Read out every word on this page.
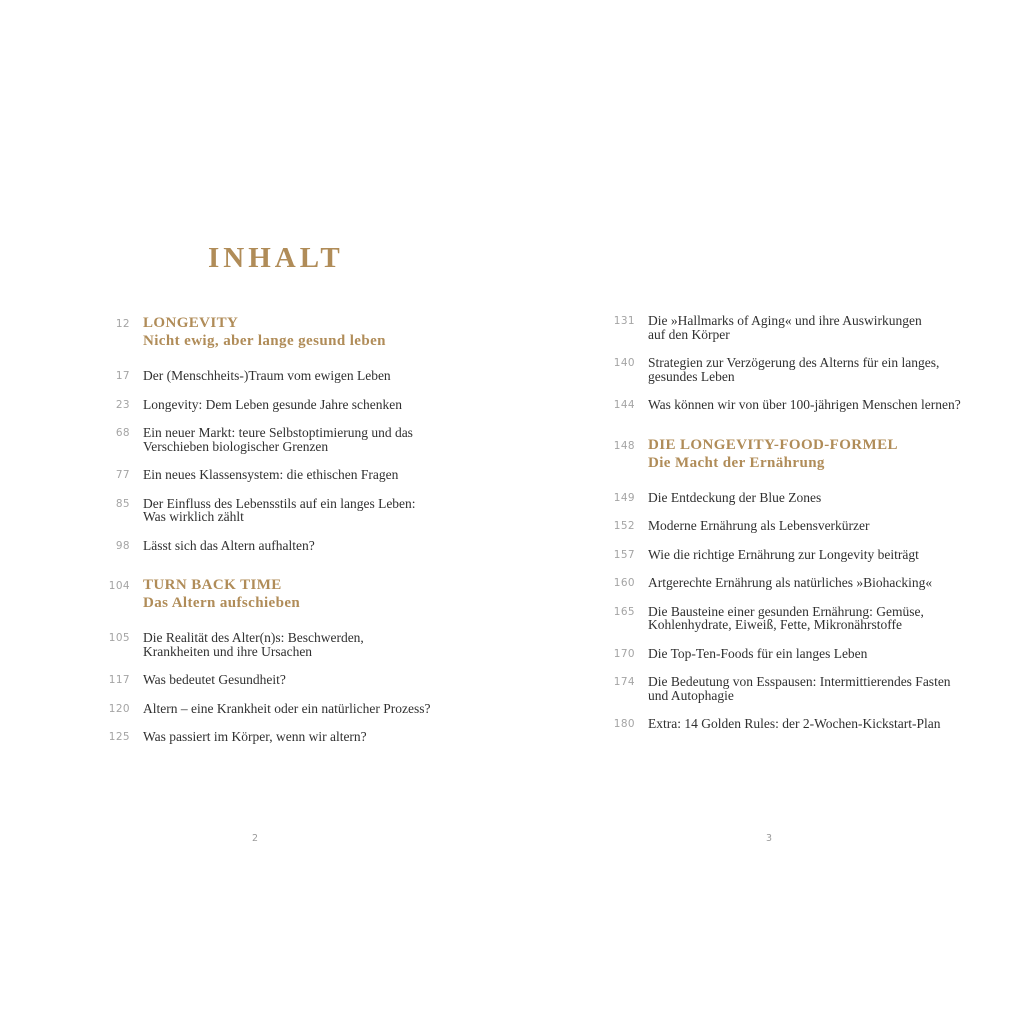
INHALT
12 LONGEVITY
Nicht ewig, aber lange gesund leben
17 Der (Menschheits-)Traum vom ewigen Leben
23 Longevity: Dem Leben gesunde Jahre schenken
68 Ein neuer Markt: teure Selbstoptimierung und das
Verschieben biologischer Grenzen
77 Ein neues Klassensystem: die ethischen Fragen
85 Der Einfluss des Lebensstils auf ein langes Leben:
Was wirklich zählt
98 Lässt sich das Altern aufhalten?
104 TURN BACK TIME
Das Altern aufschieben
105 Die Realität des Alter(n)s: Beschwerden,
Krankheiten und ihre Ursachen
117 Was bedeutet Gesundheit?
120 Altern – eine Krankheit oder ein natürlicher Prozess?
125 Was passiert im Körper, wenn wir altern?
131 Die »Hallmarks of Aging« und ihre Auswirkungen
auf den Körper
140 Strategien zur Verzögerung des Alterns für ein langes,
gesundes Leben
144 Was können wir von über 100-jährigen Menschen lernen?
148 DIE LONGEVITY-FOOD-FORMEL
Die Macht der Ernährung
149 Die Entdeckung der Blue Zones
152 Moderne Ernährung als Lebensverkürzer
157 Wie die richtige Ernährung zur Longevity beiträgt
160 Artgerechte Ernährung als natürliches »Biohacking«
165 Die Bausteine einer gesunden Ernährung: Gemüse,
Kohlenhydrate, Eiweiß, Fette, Mikronährstoffe
170 Die Top-Ten-Foods für ein langes Leben
174 Die Bedeutung von Esspausen: Intermittierendes Fasten
und Autophagie
180 Extra: 14 Golden Rules: der 2-Wochen-Kickstart-Plan
2	3
